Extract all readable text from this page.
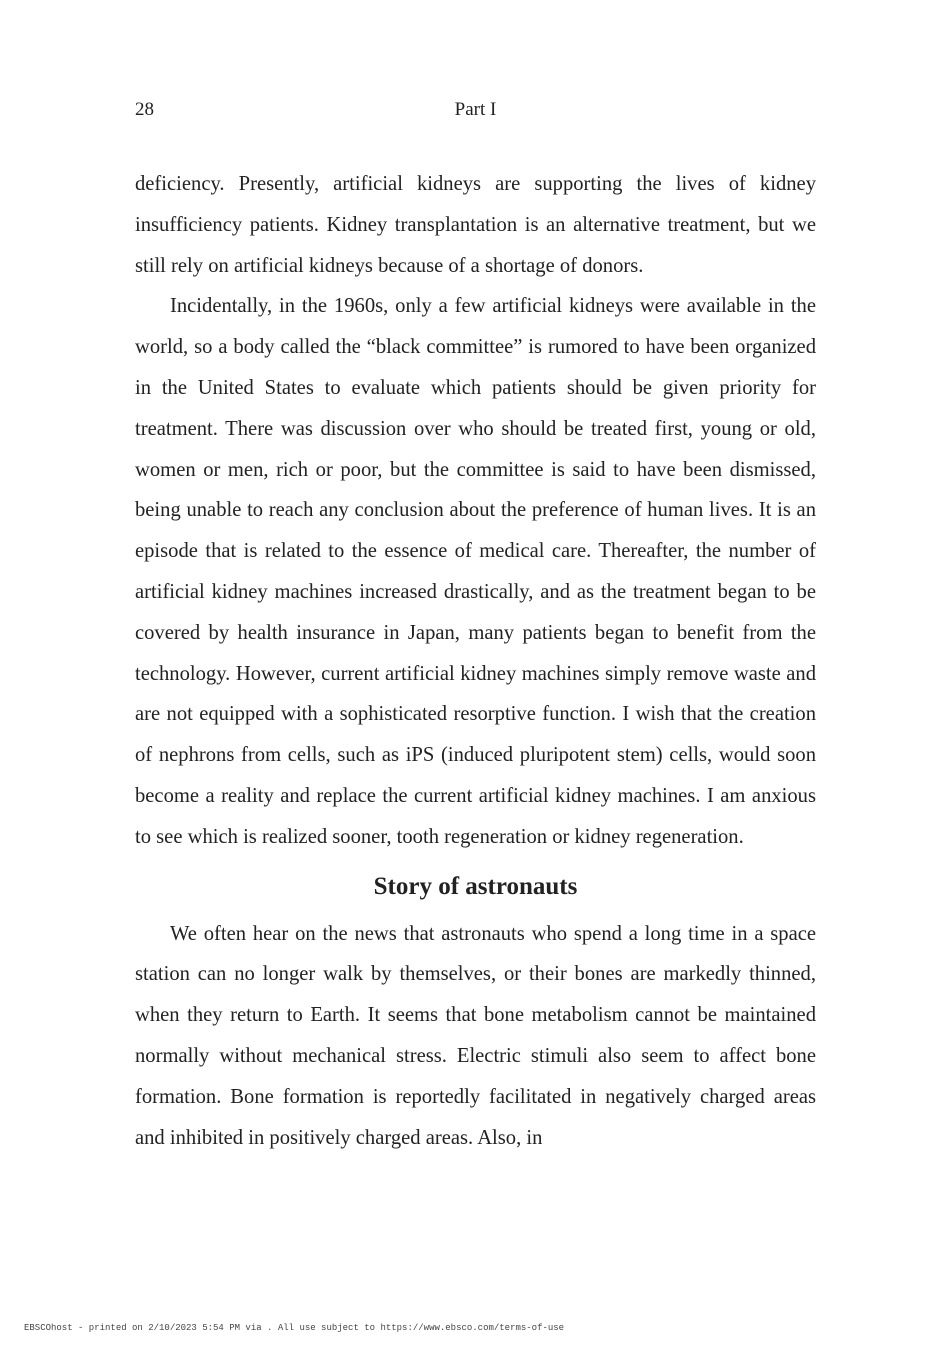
28	Part I

deficiency. Presently, artificial kidneys are supporting the lives of kidney insufficiency patients. Kidney transplantation is an alternative treatment, but we still rely on artificial kidneys because of a shortage of donors.

Incidentally, in the 1960s, only a few artificial kidneys were available in the world, so a body called the “black committee” is rumored to have been organized in the United States to evaluate which patients should be given priority for treatment. There was discussion over who should be treated first, young or old, women or men, rich or poor, but the committee is said to have been dismissed, being unable to reach any conclusion about the preference of human lives. It is an episode that is related to the essence of medical care. Thereafter, the number of artificial kidney machines increased drastically, and as the treatment began to be covered by health insurance in Japan, many patients began to benefit from the technology. However, current artificial kidney machines simply remove waste and are not equipped with a sophisticated resorptive function. I wish that the creation of nephrons from cells, such as iPS (induced pluripotent stem) cells, would soon become a reality and replace the current artificial kidney machines. I am anxious to see which is realized sooner, tooth regeneration or kidney regeneration.

Story of astronauts

We often hear on the news that astronauts who spend a long time in a space station can no longer walk by themselves, or their bones are markedly thinned, when they return to Earth. It seems that bone metabolism cannot be maintained normally without mechanical stress. Electric stimuli also seem to affect bone formation. Bone formation is reportedly facilitated in negatively charged areas and inhibited in positively charged areas. Also, in

EBSCOhost - printed on 2/10/2023 5:54 PM via . All use subject to https://www.ebsco.com/terms-of-use
